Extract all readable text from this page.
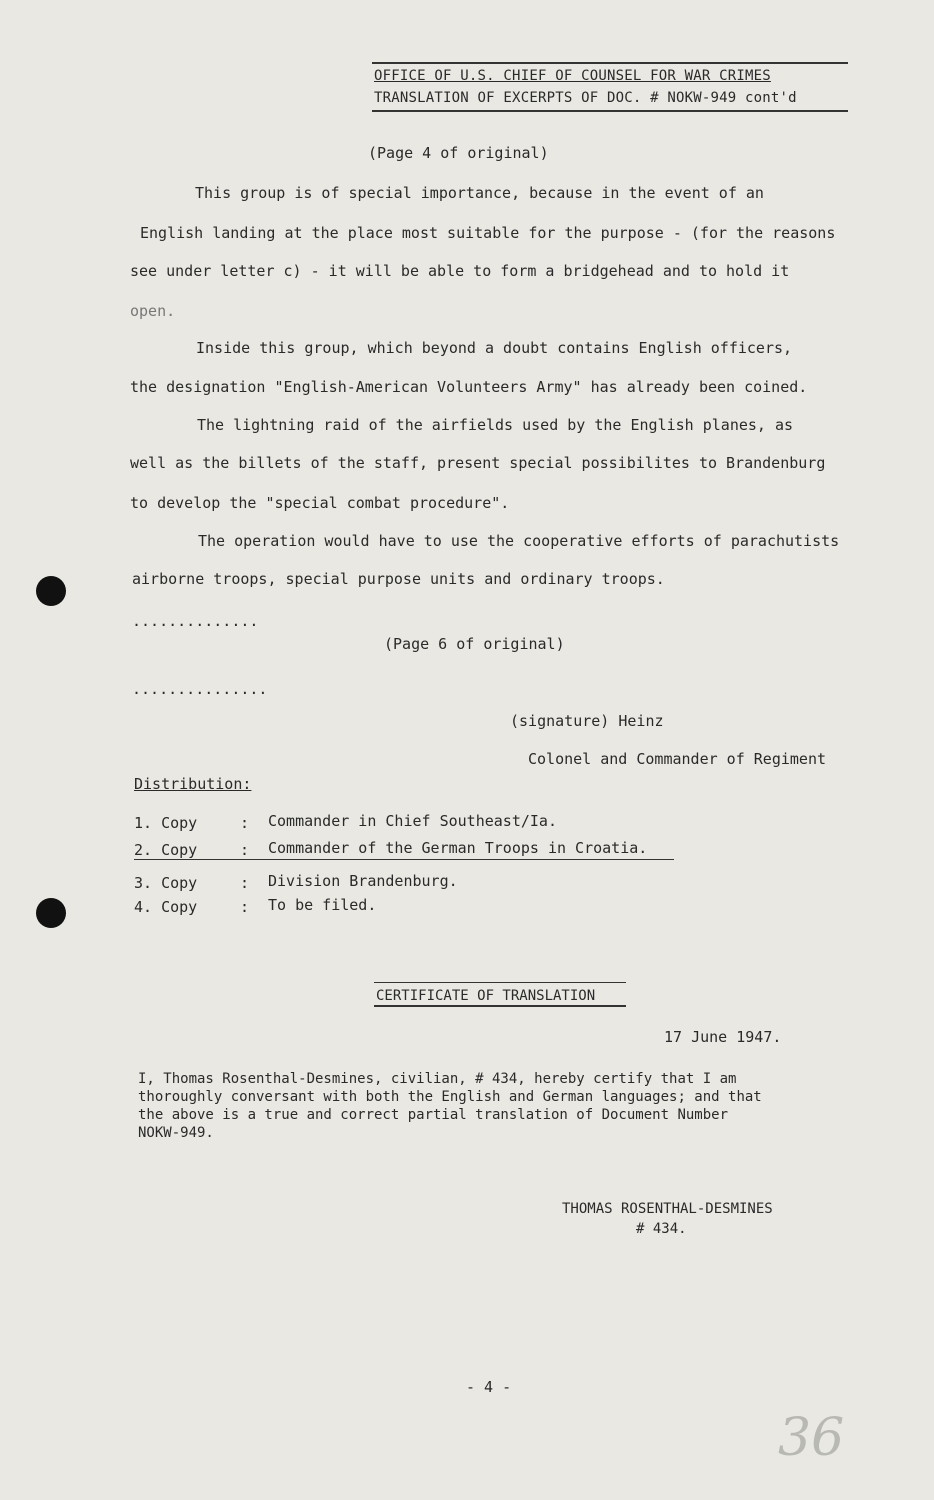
OFFICE OF U.S. CHIEF OF COUNSEL FOR WAR CRIMES
TRANSLATION OF EXCERPTS OF DOC. # NOKW-949 cont'd
(Page 4 of original)
This group is of special importance, because in the event of an
English landing at the place most suitable for the purpose - (for the reasons
see under letter c) - it will be able to form a bridgehead and to hold it
open.
Inside this group, which beyond a doubt contains English officers,
the designation "English-American Volunteers Army" has already been coined.
The lightning raid of the airfields used by the English planes, as
well as the billets of the staff, present special possibilites to Brandenburg
to develop the "special combat procedure".
The operation would have to use the cooperative efforts of parachutists
airborne troops, special purpose units and ordinary troops.
..............
(Page 6 of original)
...............
(signature) Heinz
Colonel and Commander of Regiment
Distribution:
1. Copy	: Commander in Chief Southeast/Ia.
2. Copy	: Commander of the German Troops in Croatia.
3. Copy	: Division Brandenburg.
4. Copy	: To be filed.
CERTIFICATE OF TRANSLATION
17 June 1947.
I, Thomas Rosenthal-Desmines, civilian, # 434, hereby certify that I am
thoroughly conversant with both the English and German languages; and that
the above is a true and correct partial translation of Document Number
NOKW-949.
THOMAS ROSENTHAL-DESMINES
# 434.
- 4 -
36
